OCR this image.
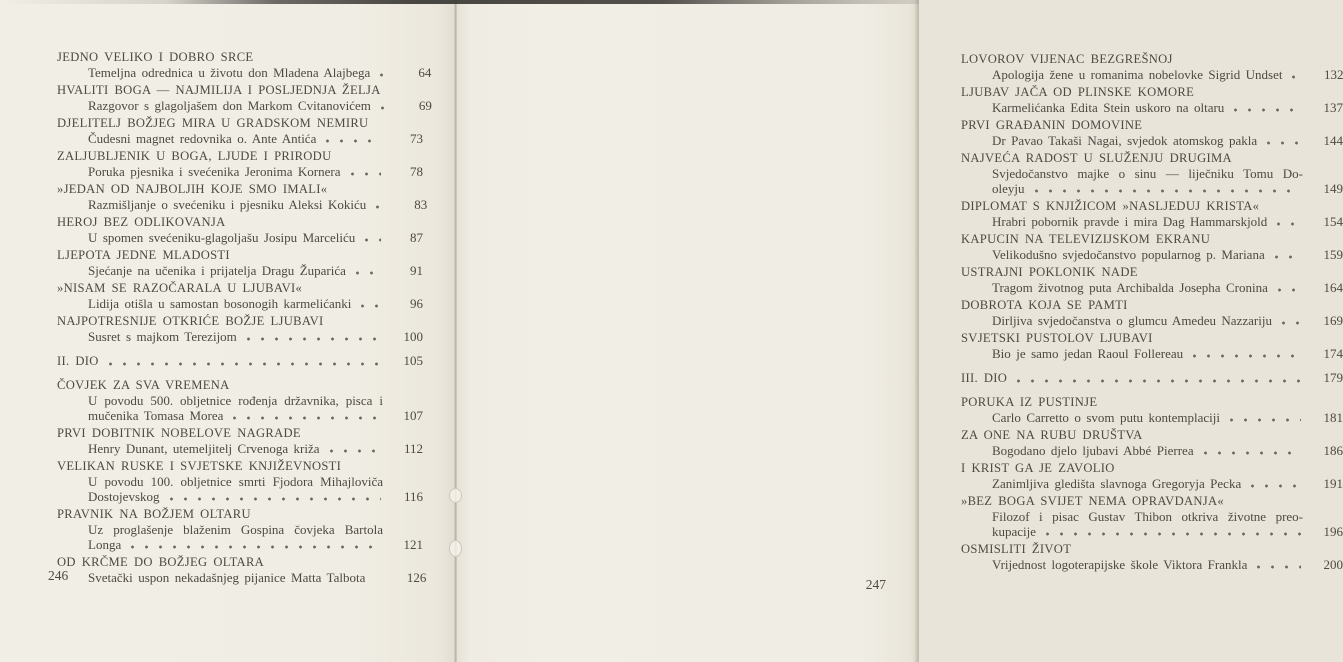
JEDNO VELIKO I DOBRO SRCE
Temeljna odrednica u životu don Mladena Alajbega	64
HVALITI BOGA — NAJMILIJA I POSLJEDNJA ŽELJA
Razgovor s glagoljašem don Markom Cvitanovićem	69
DJELITELJ BOŽJEG MIRA U GRADSKOM NEMIRU
Čudesni magnet redovnika o. Ante Antića	73
ZALJUBLJENIK U BOGA, LJUDE I PRIRODU
Poruka pjesnika i svećenika Jeronima Kornera	78
»JEDAN OD NAJBOLJIH KOJE SMO IMALI«
Razmišljanje o svećeniku i pjesniku Aleksi Kokiću	83
HEROJ BEZ ODLIKOVANJA
U spomen svećeniku-glagoljašu Josipu Marceliću	87
LJEPOTA JEDNE MLADOSTI
Sjećanje na učenika i prijatelja Dragu Župarića	91
»NISAM SE RAZOČARALA U LJUBAVI«
Lidija otišla u samostan bosonogih karmelićanki	96
NAJPOTRESNIJE OTKRIĆE BOŽJE LJUBAVI
Susret s majkom Terezijom	100
II. DIO	105
ČOVJEK ZA SVA VREMENA
U povodu 500. obljetnice rođenja državnika, pisca i
mučenika Tomasa Morea	107
PRVI DOBITNIK NOBELOVE NAGRADE
Henry Dunant, utemeljitelj Crvenoga križa	112
VELIKAN RUSKE I SVJETSKE KNJIŽEVNOSTI
U povodu 100. obljetnice smrti Fjodora Mihajloviča
Dostojevskog	116
PRAVNIK NA BOŽJEM OLTARU
Uz proglašenje blaženim Gospina čovjeka Bartola
Longa	121
OD KRČME DO BOŽJEG OLTARA
Svetački uspon nekadašnjeg pijanice Matta Talbota	126
246
LOVOROV VIJENAC BEZGREŠNOJ
Apologija žene u romanima nobelovke Sigrid Undset	132
LJUBAV JAČA OD PLINSKE KOMORE
Karmelićanka Edita Stein uskoro na oltaru	137
PRVI GRAĐANIN DOMOVINE
Dr Pavao Takaši Nagai, svjedok atomskog pakla	144
NAJVEĆA RADOST U SLUŽENJU DRUGIMA
Svjedočanstvo majke o sinu — liječniku Tomu Do-
oleyju	149
DIPLOMAT S KNJIŽICOM »NASLJEDUJ KRISTA«
Hrabri pobornik pravde i mira Dag Hammarskjold	154
KAPUCIN NA TELEVIZIJSKOM EKRANU
Velikodušno svjedočanstvo popularnog p. Mariana	159
USTRAJNI POKLONIK NADE
Tragom životnog puta Archibalda Josepha Cronina	164
DOBROTA KOJA SE PAMTI
Dirljiva svjedočanstva o glumcu Amedeu Nazzariju	169
SVJETSKI PUSTOLOV LJUBAVI
Bio je samo jedan Raoul Follereau	174
III. DIO	179
PORUKA IZ PUSTINJE
Carlo Carretto o svom putu kontemplaciji	181
ZA ONE NA RUBU DRUŠTVA
Bogodano djelo ljubavi Abbé Pierrea	186
I KRIST GA JE ZAVOLIO
Zanimljiva gledišta slavnoga Gregoryja Pecka	191
»BEZ BOGA SVIJET NEMA OPRAVDANJA«
Filozof i pisac Gustav Thibon otkriva životne preo-
kupacije	196
OSMISLITI ŽIVOT
Vrijednost logoterapijske škole Viktora Frankla	200
247
